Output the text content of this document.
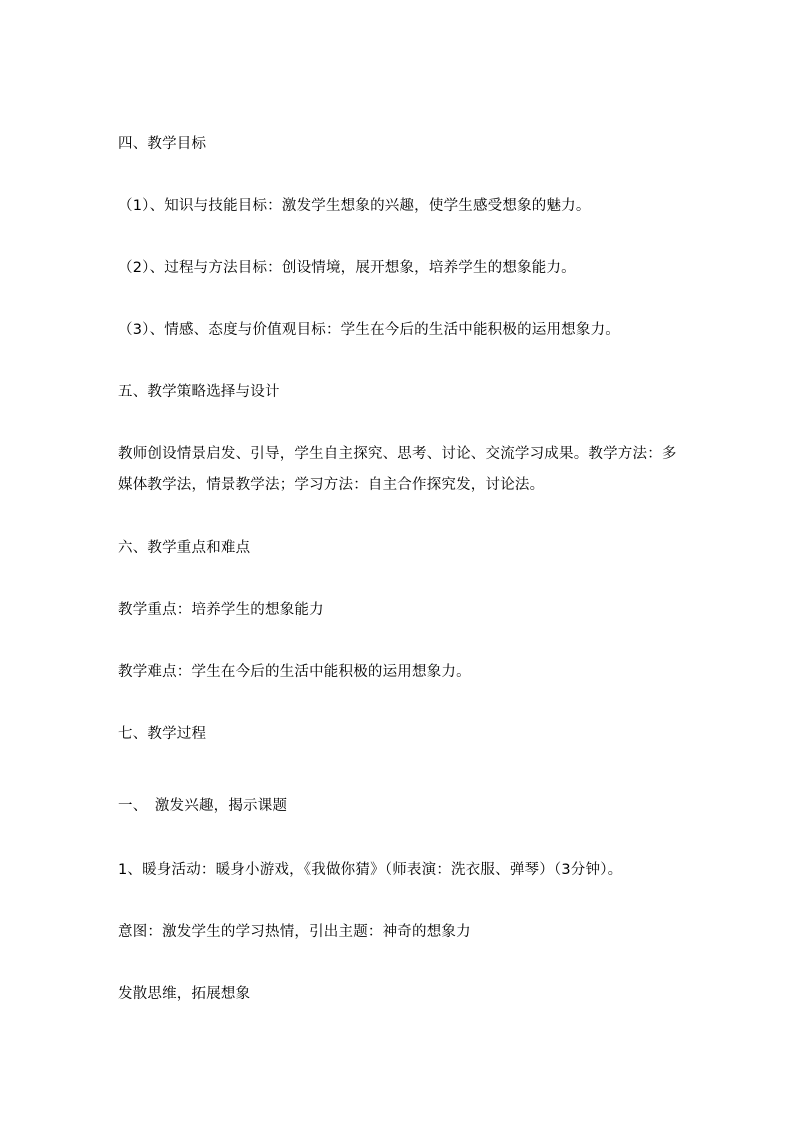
四、教学目标
（1）、知识与技能目标：激发学生想象的兴趣，使学生感受想象的魅力。
（2）、过程与方法目标：创设情境，展开想象，培养学生的想象能力。
（3）、情感、态度与价值观目标：学生在今后的生活中能积极的运用想象力。
五、教学策略选择与设计
教师创设情景启发、引导，学生自主探究、思考、讨论、交流学习成果。教学方法：多媒体教学法，情景教学法；学习方法：自主合作探究发，讨论法。
六、教学重点和难点
教学重点：培养学生的想象能力
教学难点：学生在今后的生活中能积极的运用想象力。
七、教学过程
一、　激发兴趣，揭示课题
1、暖身活动：暖身小游戏，《我做你猜》（师表演：洗衣服、弹琴）（3分钟）。
意图：激发学生的学习热情，引出主题：神奇的想象力
发散思维，拓展想象
